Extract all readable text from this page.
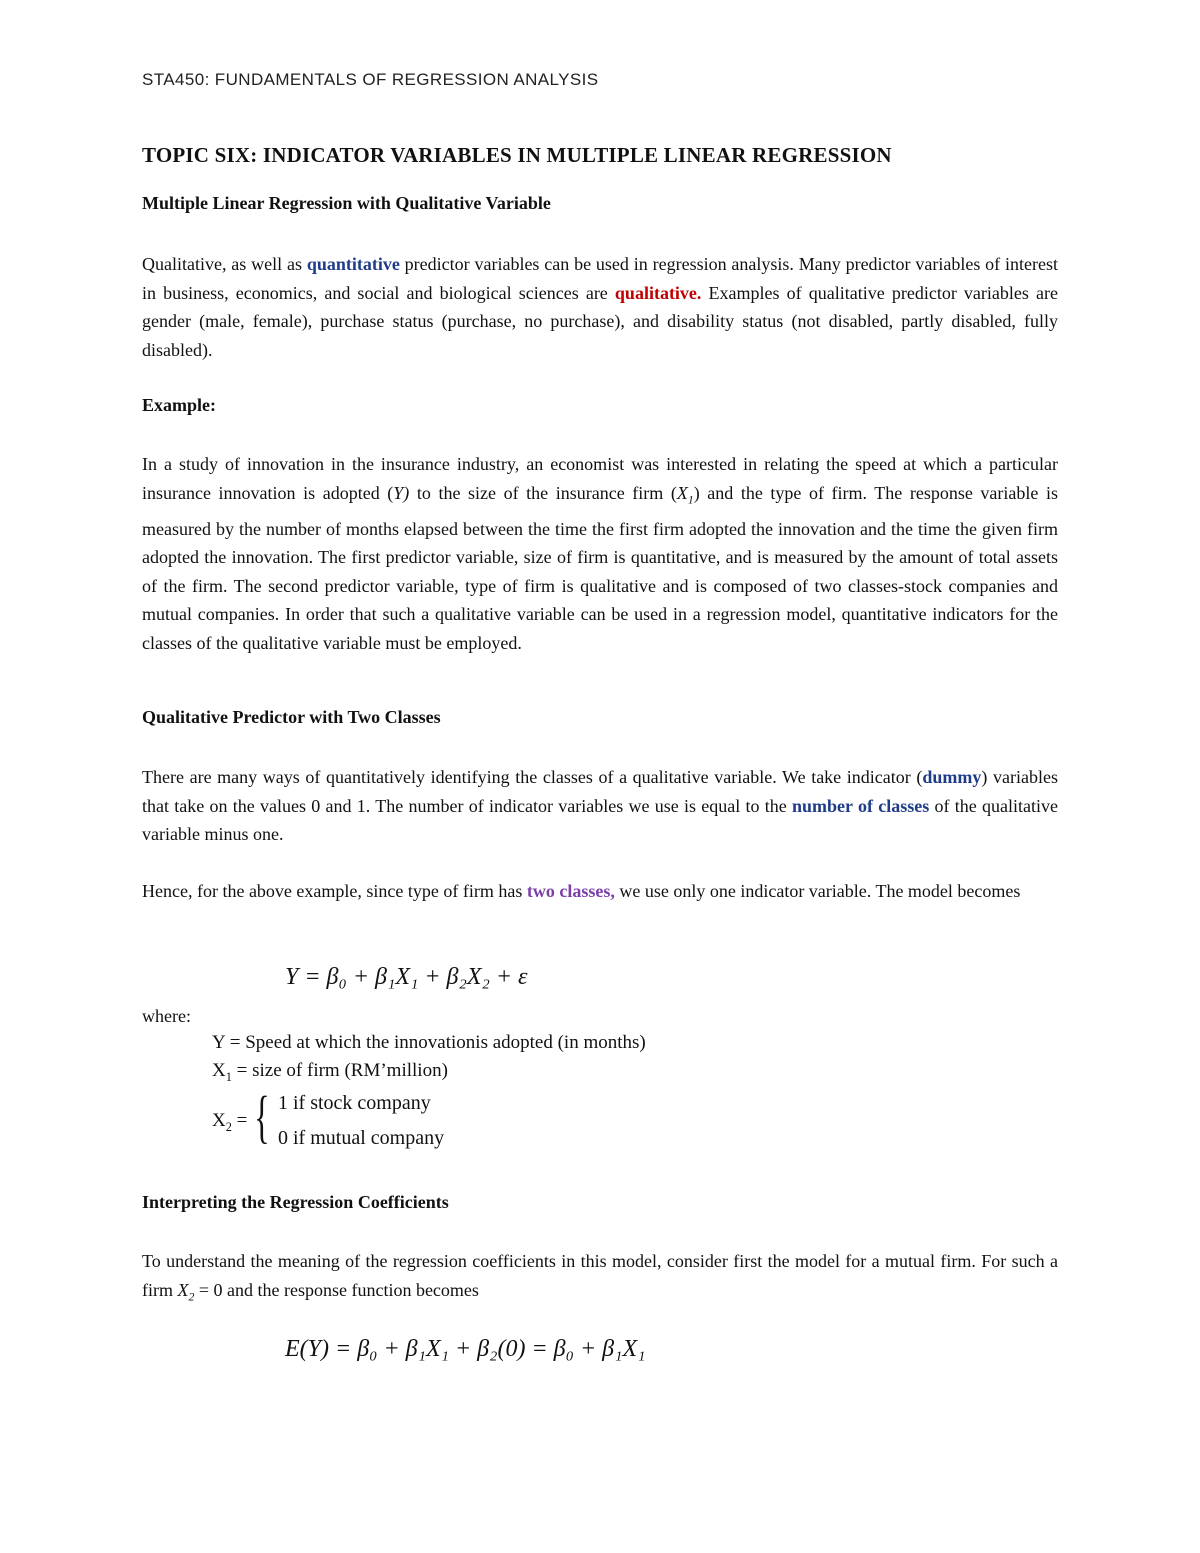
STA450: FUNDAMENTALS OF REGRESSION ANALYSIS
TOPIC SIX: INDICATOR VARIABLES IN MULTIPLE LINEAR REGRESSION
Multiple Linear Regression with Qualitative Variable
Qualitative, as well as quantitative predictor variables can be used in regression analysis. Many predictor variables of interest in business, economics, and social and biological sciences are qualitative. Examples of qualitative predictor variables are gender (male, female), purchase status (purchase, no purchase), and disability status (not disabled, partly disabled, fully disabled).
Example:
In a study of innovation in the insurance industry, an economist was interested in relating the speed at which a particular insurance innovation is adopted (Y) to the size of the insurance firm $(X_1)$ and the type of firm. The response variable is measured by the number of months elapsed between the time the first firm adopted the innovation and the time the given firm adopted the innovation. The first predictor variable, size of firm is quantitative, and is measured by the amount of total assets of the firm. The second predictor variable, type of firm is qualitative and is composed of two classes-stock companies and mutual companies. In order that such a qualitative variable can be used in a regression model, quantitative indicators for the classes of the qualitative variable must be employed.
Qualitative Predictor with Two Classes
There are many ways of quantitatively identifying the classes of a qualitative variable. We take indicator (dummy) variables that take on the values 0 and 1. The number of indicator variables we use is equal to the number of classes of the qualitative variable minus one.
Hence, for the above example, since type of firm has two classes, we use only one indicator variable. The model becomes
Y = β₀ + β₁X₁ + β₂X₂ + ε
where:
Y = Speed at which the innovationis adopted (in months)
$X_1$ = size of firm (RM’million)
$X_2$ = { 1 if stock company
0 if mutual company
Interpreting the Regression Coefficients
To understand the meaning of the regression coefficients in this model, consider first the model for a mutual firm. For such a firm $X_2 = 0$ and the response function becomes
E(Y) = β₀ + β₁X₁ + β₂(0) = β₀ + β₁X₁
